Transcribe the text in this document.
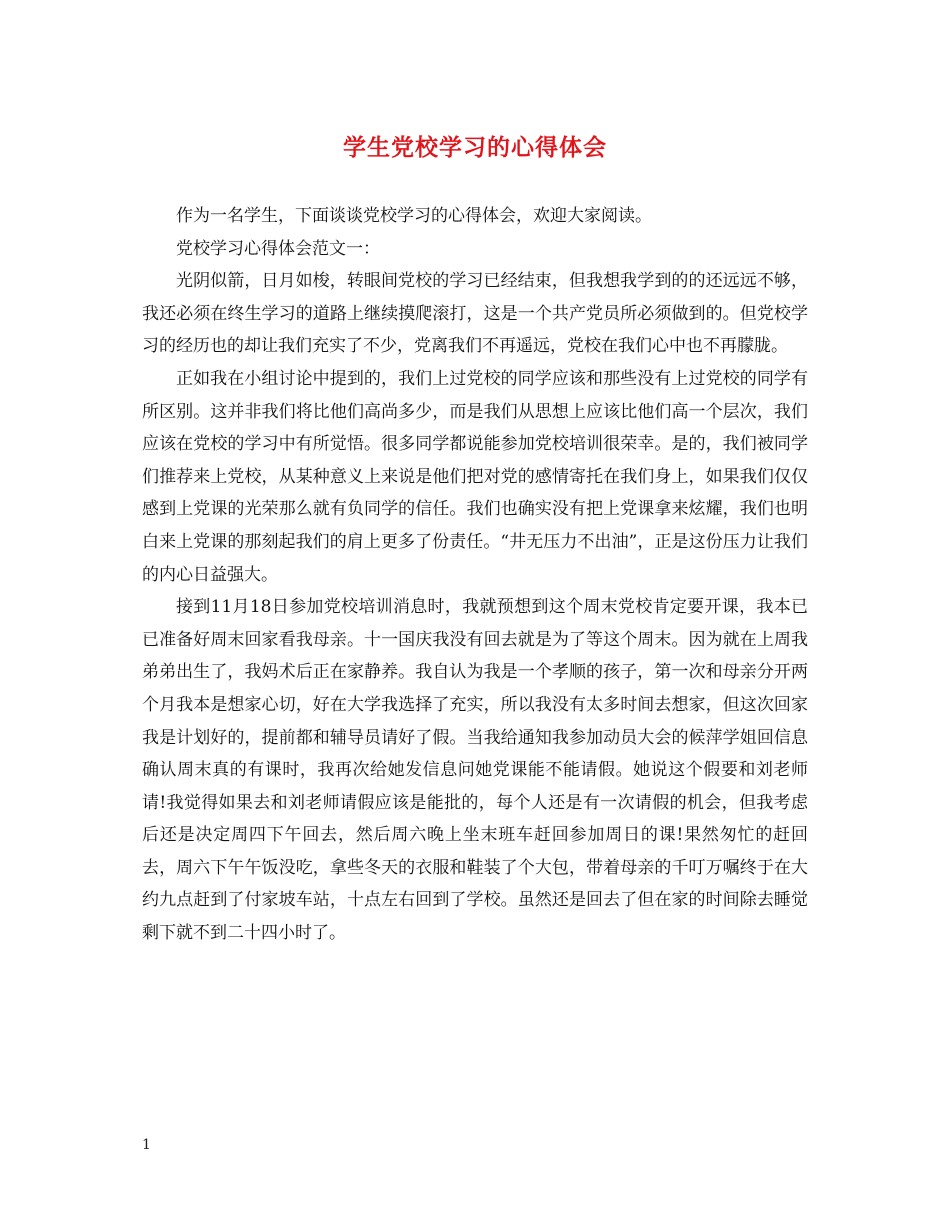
学生党校学习的心得体会

作为一名学生，下面谈谈党校学习的心得体会，欢迎大家阅读。

党校学习心得体会范文一：

光阴似箭，日月如梭，转眼间党校的学习已经结束，但我想我学到的的还远远不够，我还必须在终生学习的道路上继续摸爬滚打，这是一个共产党员所必须做到的。但党校学习的经历也的却让我们充实了不少，党离我们不再遥远，党校在我们心中也不再朦胧。

正如我在小组讨论中提到的，我们上过党校的同学应该和那些没有上过党校的同学有所区别。这并非我们将比他们高尚多少，而是我们从思想上应该比他们高一个层次，我们应该在党校的学习中有所觉悟。很多同学都说能参加党校培训很荣幸。是的，我们被同学们推荐来上党校，从某种意义上来说是他们把对党的感情寄托在我们身上，如果我们仅仅感到上党课的光荣那么就有负同学的信任。我们也确实没有把上党课拿来炫耀，我们也明白来上党课的那刻起我们的肩上更多了份责任。“井无压力不出油”，正是这份压力让我们的内心日益强大。

接到11月18日参加党校培训消息时，我就预想到这个周末党校肯定要开课，我本已已准备好周末回家看我母亲。十一国庆我没有回去就是为了等这个周末。因为就在上周我弟弟出生了，我妈术后正在家静养。我自认为我是一个孝顺的孩子，第一次和母亲分开两个月我本是想家心切，好在大学我选择了充实，所以我没有太多时间去想家，但这次回家我是计划好的，提前都和辅导员请好了假。当我给通知我参加动员大会的候萍学姐回信息确认周末真的有课时，我再次给她发信息问她党课能不能请假。她说这个假要和刘老师请!我觉得如果去和刘老师请假应该是能批的，每个人还是有一次请假的机会，但我考虑后还是决定周四下午回去，然后周六晚上坐末班车赶回参加周日的课!果然匆忙的赶回去，周六下午午饭没吃，拿些冬天的衣服和鞋装了个大包，带着母亲的千叮万嘱终于在大约九点赶到了付家坡车站，十点左右回到了学校。虽然还是回去了但在家的时间除去睡觉剩下就不到二十四小时了。

1
